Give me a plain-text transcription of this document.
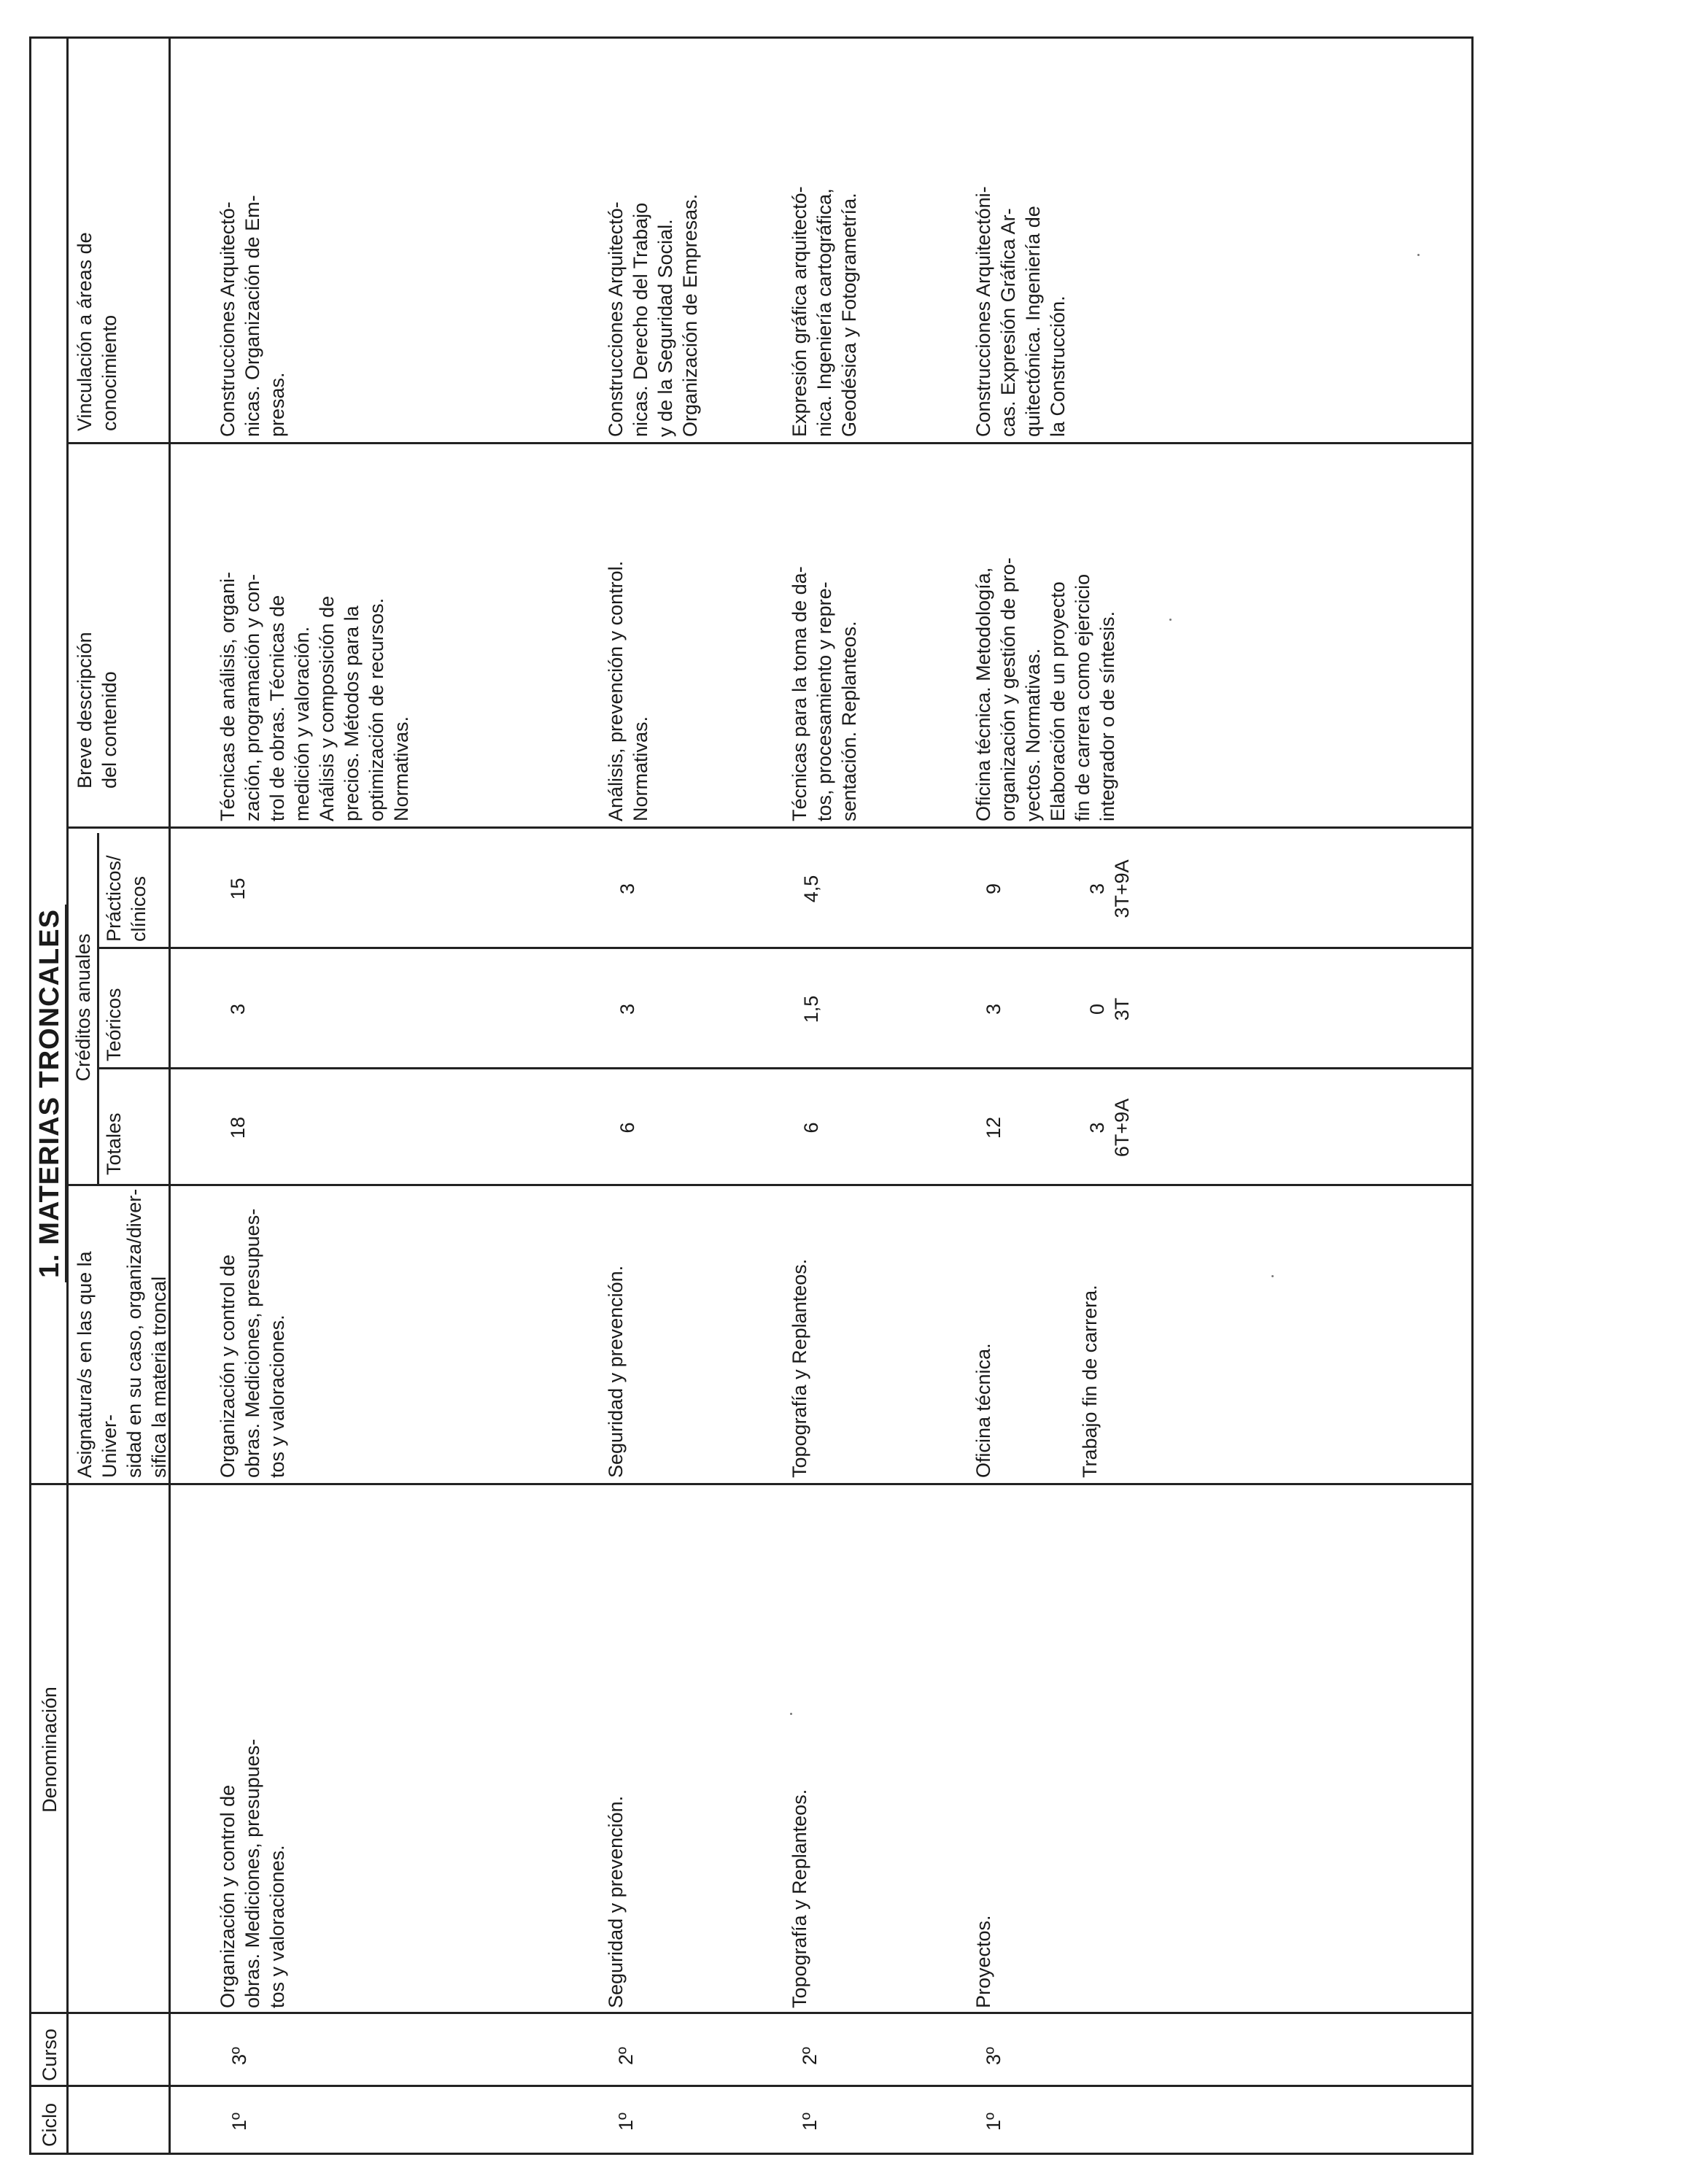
1. MATERIAS TRONCALES
Ciclo
Curso
Denominación
Asignatura/s en las que la Univer- sidad en su caso, organiza/diver- sifica la materia troncal
Créditos anuales
Totales
Teóricos
Prácticos/ clínicos
Breve descripción del contenido
Vinculación a áreas de conocimiento
1º
3º
Organización y control de obras. Mediciones, presupues- tos y valoraciones.
Organización y control de obras. Mediciones, presupues- tos y valoraciones.
18
3
15
Técnicas de análisis, organi- zación, programación y con- trol de obras. Técnicas de medición y valoración. Análisis y composición de precios. Métodos para la optimización de recursos. Normativas.
Construcciones Arquitectó- nicas. Organización de Em- presas.
1º
2º
Seguridad y prevención.
Seguridad y prevención.
6
3
3
Análisis, prevención y control. Normativas.
Construcciones Arquitectó- nicas. Derecho del Trabajo y de la Seguridad Social. Organización de Empresas.
1º
2º
Topografía y Replanteos.
Topografía y Replanteos.
6
1,5
4,5
Técnicas para la toma de da- tos, procesamiento y repre- sentación. Replanteos.
Expresión gráfica arquitectó- nica. Ingeniería cartográfica, Geodésica y Fotogrametría.
1º
3º
Proyectos.
Oficina técnica.	Trabajo fin de carrera.
12
3
9
3 6T+9A
0 3T
3 3T+9A
Oficina técnica. Metodología, organización y gestión de pro- yectos. Normativas. Elaboración de un proyecto fin de carrera como ejercicio integrador o de síntesis.
Construcciones Arquitectóni- cas. Expresión Gráfica Ar- quitectónica. Ingeniería de la Construcción.
